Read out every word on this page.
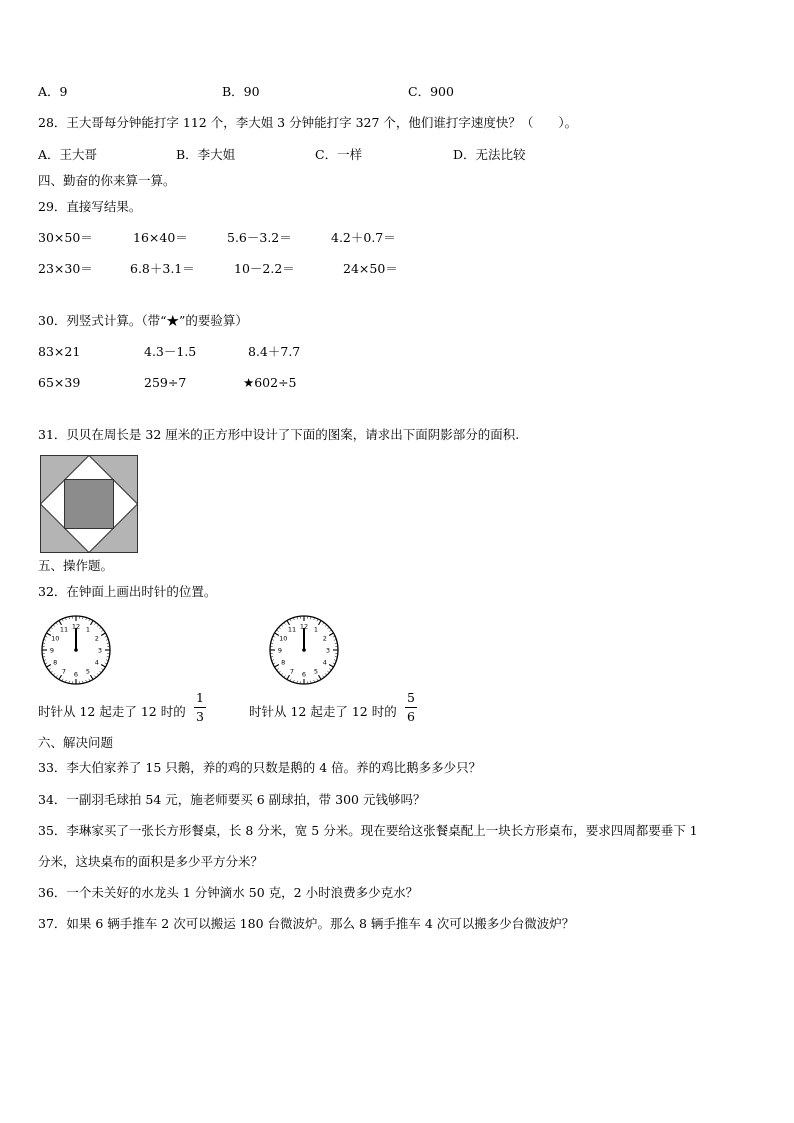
A．9	B．90	C．900
28．王大哥每分钟能打字 112 个，李大姐 3 分钟能打字 327 个，他们谁打字速度快？（　　）。
A．王大哥	B．李大姐	C．一样	D．无法比较
四、勤奋的你来算一算。
29．直接写结果。
30×50＝	16×40＝	5.6－3.2＝	4.2＋0.7＝
23×30＝	6.8＋3.1＝	10－2.2＝	24×50＝
30．列竖式计算。（带“★”的要验算）
83×21	4.3－1.5	8.4＋7.7
65×39	259÷7	★602÷5
31．贝贝在周长是 32 厘米的正方形中设计了下面的图案，请求出下面阴影部分的面积.
五、操作题。
32．在钟面上画出时针的位置。
12 1
2
3
4
5
6
7
8
9
10
11	12 1
2
3
4
5
6
7
8
9
10
11
时针从 12 起走了 12 时的
1
3	时针从 12 起走了 12 时的
5
6
六、解决问题
33．李大伯家养了 15 只鹅，养的鸡的只数是鹅的 4 倍。养的鸡比鹅多多少只？
34．一副羽毛球拍 54 元，施老师要买 6 副球拍，带 300 元钱够吗？
35．李琳家买了一张长方形餐桌，长 8 分米，宽 5 分米。现在要给这张餐桌配上一块长方形桌布，要求四周都要垂下 1
分米，这块桌布的面积是多少平方分米？
36．一个未关好的水龙头 1 分钟滴水 50 克，2 小时浪费多少克水？
37．如果 6 辆手推车 2 次可以搬运 180 台微波炉。那么 8 辆手推车 4 次可以搬多少台微波炉？
